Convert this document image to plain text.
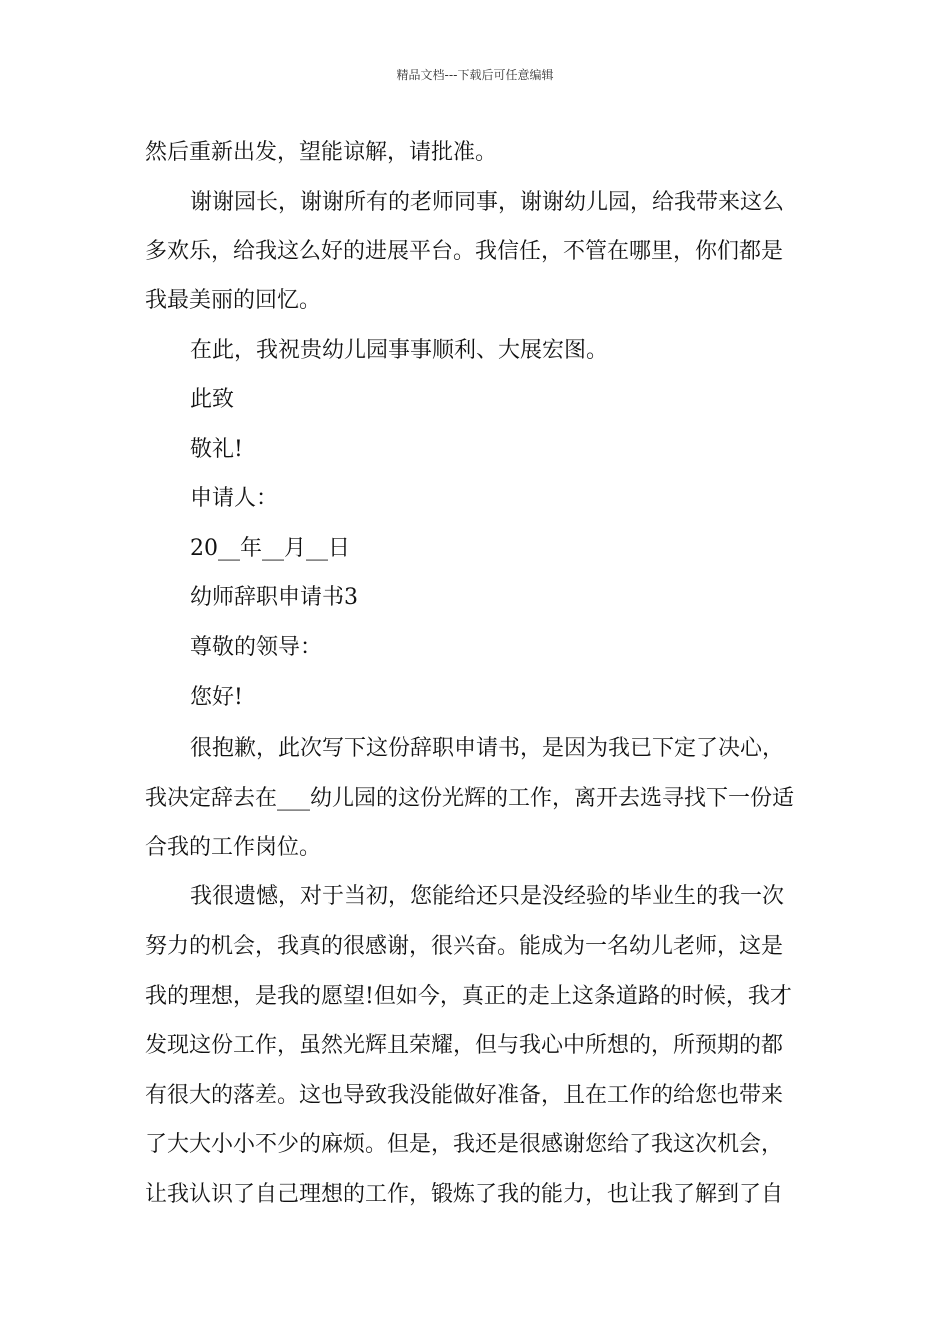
精品文档---下载后可任意编辑
然后重新出发，望能谅解，请批准。
谢谢园长，谢谢所有的老师同事，谢谢幼儿园，给我带来这么
多欢乐，给我这么好的进展平台。我信任，不管在哪里，你们都是
我最美丽的回忆。
在此，我祝贵幼儿园事事顺利、大展宏图。
此致
敬礼!
申请人：
20__年__月__日
幼师辞职申请书3
尊敬的领导：
您好!
很抱歉，此次写下这份辞职申请书，是因为我已下定了决心，
我决定辞去在___幼儿园的这份光辉的工作，离开去选寻找下一份适
合我的工作岗位。
我很遗憾，对于当初，您能给还只是没经验的毕业生的我一次
努力的机会，我真的很感谢，很兴奋。能成为一名幼儿老师，这是
我的理想，是我的愿望!但如今，真正的走上这条道路的时候，我才
发现这份工作，虽然光辉且荣耀，但与我心中所想的，所预期的都
有很大的落差。这也导致我没能做好准备，且在工作的给您也带来
了大大小小不少的麻烦。但是，我还是很感谢您给了我这次机会，
让我认识了自己理想的工作，锻炼了我的能力，也让我了解到了自
